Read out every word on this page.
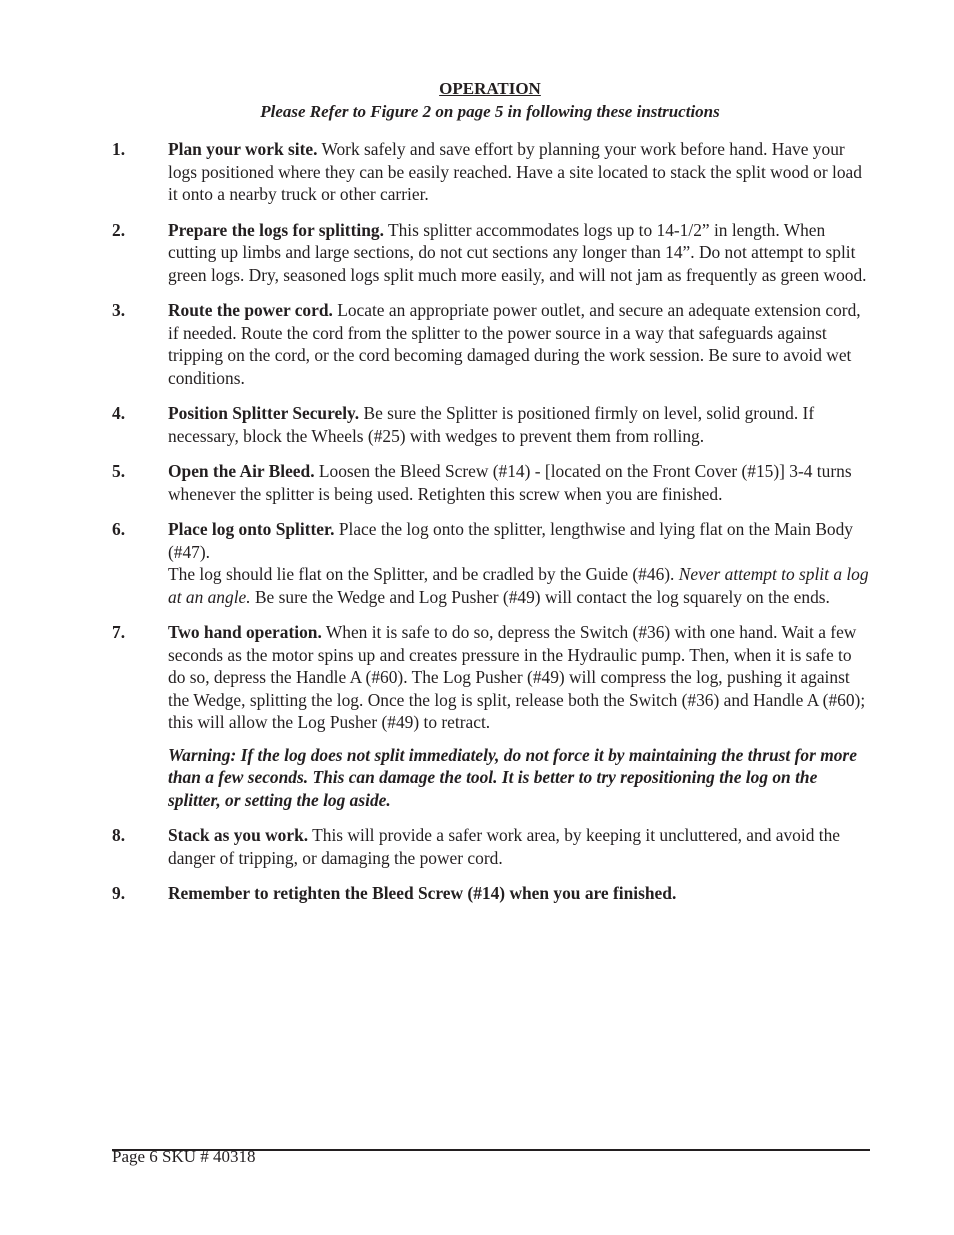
OPERATION
Please Refer to Figure 2 on page 5 in following these instructions
1. Plan your work site. Work safely and save effort by planning your work before hand. Have your logs positioned where they can be easily reached. Have a site located to stack the split wood or load it onto a nearby truck or other carrier.
2. Prepare the logs for splitting. This splitter accommodates logs up to 14-1/2” in length. When cutting up limbs and large sections, do not cut sections any longer than 14”. Do not attempt to split green logs. Dry, seasoned logs split much more easily, and will not jam as frequently as green wood.
3. Route the power cord. Locate an appropriate power outlet, and secure an adequate extension cord, if needed. Route the cord from the splitter to the power source in a way that safeguards against tripping on the cord, or the cord becoming damaged during the work session. Be sure to avoid wet conditions.
4. Position Splitter Securely. Be sure the Splitter is positioned firmly on level, solid ground. If necessary, block the Wheels (#25) with wedges to prevent them from rolling.
5. Open the Air Bleed. Loosen the Bleed Screw (#14) - [located on the Front Cover (#15)] 3-4 turns whenever the splitter is being used. Retighten this screw when you are finished.
6. Place log onto Splitter. Place the log onto the splitter, lengthwise and lying flat on the Main Body (#47).
The log should lie flat on the Splitter, and be cradled by the Guide (#46). Never attempt to split a log at an angle. Be sure the Wedge and Log Pusher (#49) will contact the log squarely on the ends.
7. Two hand operation. When it is safe to do so, depress the Switch (#36) with one hand. Wait a few seconds as the motor spins up and creates pressure in the Hydraulic pump. Then, when it is safe to do so, depress the Handle A (#60). The Log Pusher (#49) will compress the log, pushing it against the Wedge, splitting the log. Once the log is split, release both the Switch (#36) and Handle A (#60); this will allow the Log Pusher (#49) to retract.
Warning: If the log does not split immediately, do not force it by maintaining the thrust for more than a few seconds. This can damage the tool. It is better to try repositioning the log on the splitter, or setting the log aside.
8. Stack as you work. This will provide a safer work area, by keeping it uncluttered, and avoid the danger of tripping, or damaging the power cord.
9. Remember to retighten the Bleed Screw (#14) when you are finished.
Page 6 SKU # 40318
